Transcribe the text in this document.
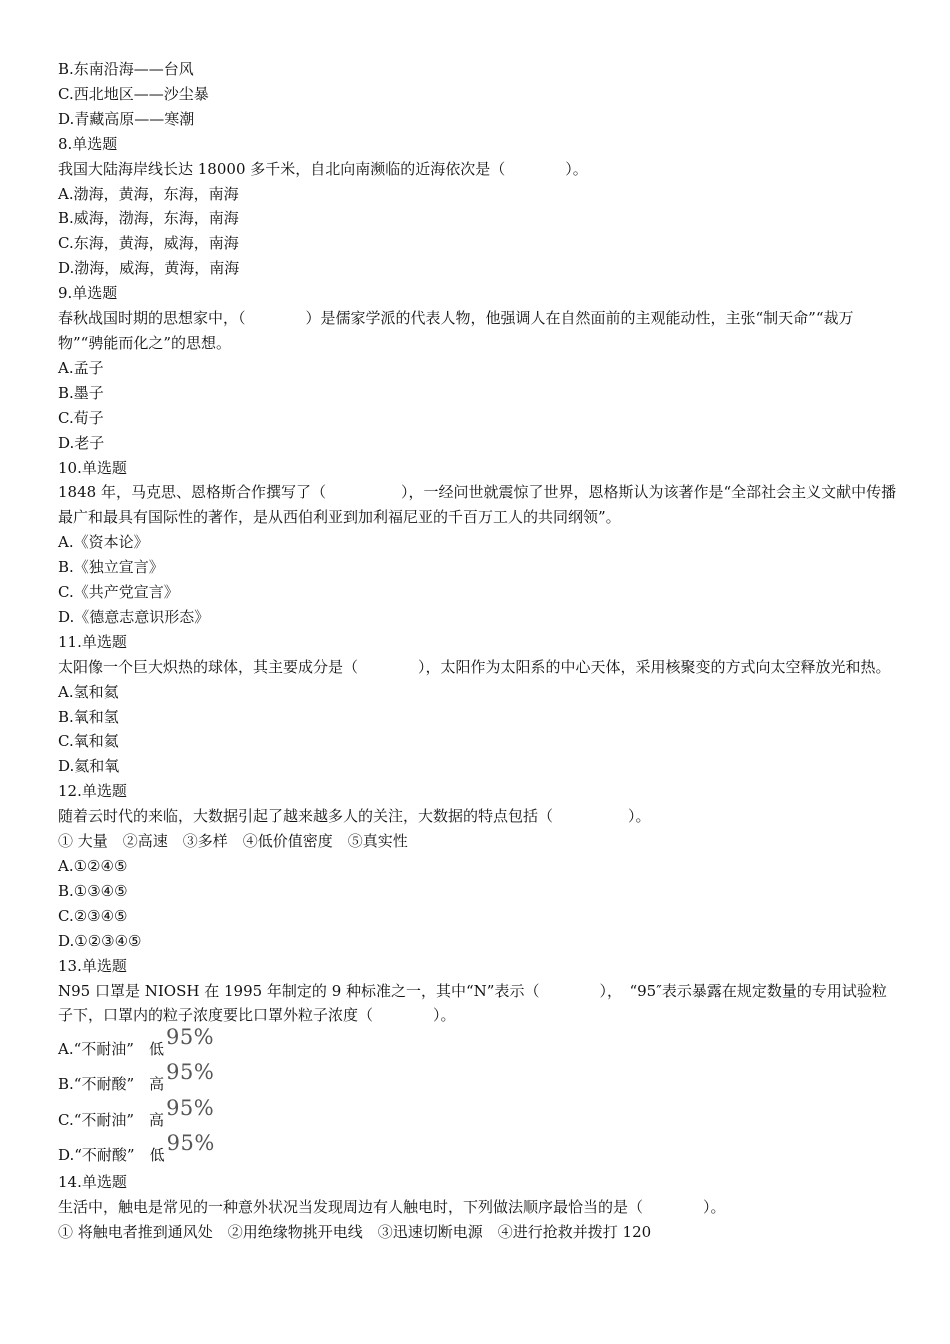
B.东南沿海——台风
C.西北地区——沙尘暴
D.青藏高原——寒潮
8.单选题
我国大陆海岸线长达 18000 多千米，自北向南濒临的近海依次是（　　　　）。
A.渤海，黄海，东海，南海
B.威海，渤海，东海，南海
C.东海，黄海，威海，南海
D.渤海，威海，黄海，南海
9.单选题
春秋战国时期的思想家中，（　　　　）是儒家学派的代表人物，他强调人在自然面前的主观能动性，主张“制天命”“裁万物”“骋能而化之”的思想。
A.孟子
B.墨子
C.荀子
D.老子
10.单选题
1848 年，马克思、恩格斯合作撰写了（　　　　　），一经问世就震惊了世界，恩格斯认为该著作是“全部社会主义文献中传播最广和最具有国际性的著作，是从西伯利亚到加利福尼亚的千百万工人的共同纲领”。
A.《资本论》
B.《独立宣言》
C.《共产党宣言》
D.《德意志意识形态》
11.单选题
太阳像一个巨大炽热的球体，其主要成分是（　　　　），太阳作为太阳系的中心天体，采用核聚变的方式向太空释放光和热。
A.氢和氦
B.氧和氢
C.氧和氦
D.氦和氧
12.单选题
随着云时代的来临，大数据引起了越来越多人的关注，大数据的特点包括（　　　　　）。
① 大量　②高速　③多样　④低价值密度　⑤真实性
A.①②④⑤
B.①③④⑤
C.②③④⑤
D.①②③④⑤
13.单选题
N95 口罩是 NIOSH 在 1995 年制定的 9 种标准之一，其中“N”表示（　　　　），　“95″表示暴露在规定数量的专用试验粒子下，口罩内的粒子浓度要比口罩外粒子浓度（　　　　）。
A.“不耐油”　低 95%
B.“不耐酸”　高 95%
C.“不耐油”　高 95%
D.“不耐酸”　低 95%
14.单选题
生活中，触电是常见的一种意外状况当发现周边有人触电时，下列做法顺序最恰当的是（　　　　）。
① 将触电者推到通风处　②用绝缘物挑开电线　③迅速切断电源　④进行抢救并拨打 120
